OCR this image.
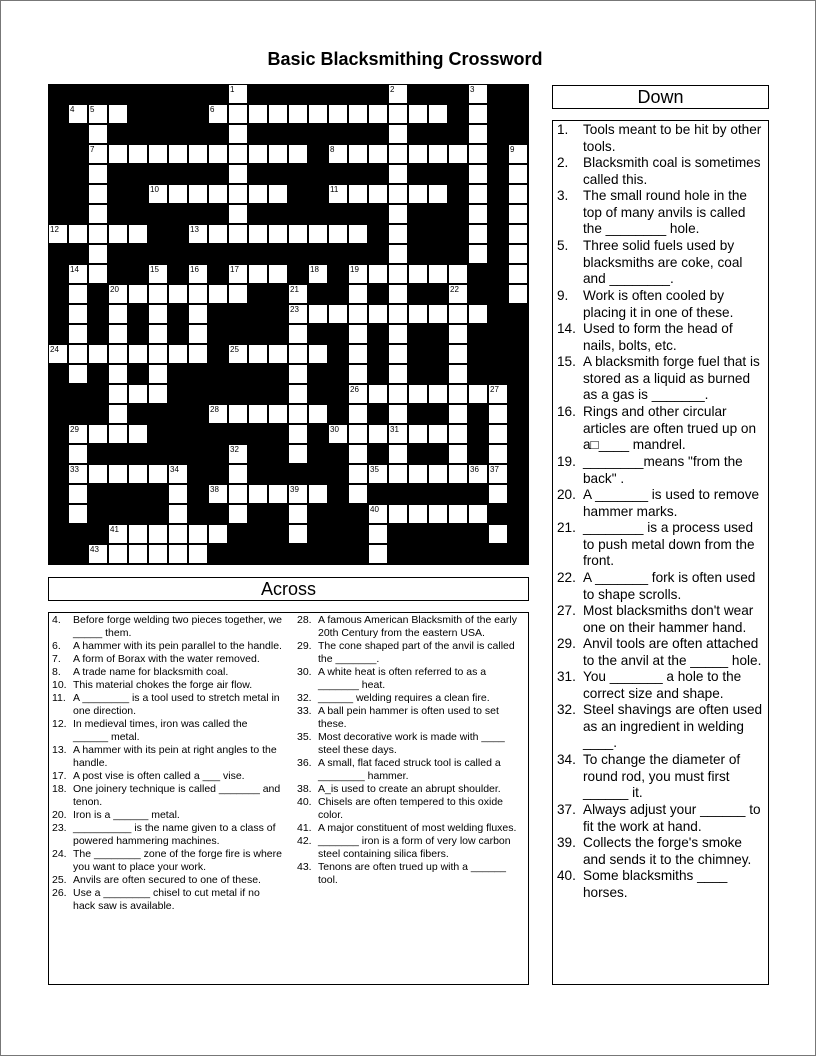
Basic Blacksmithing Crossword
1	2	3
4 5	6
7	8	9
10	11
12	13
14	15	16	17	18	19
20	21	22
23
24	25
26	27
28
29	30	31
32
33	34	35	36 37
38	39
40
41
43
Across
4. Before forge welding two pieces together, we _____ them.
6. A hammer with its pein parallel to the handle.
7. A form of Borax with the water removed.
8. A trade name for blacksmith coal.
10. This material chokes the forge air flow.
11. A ________ is a tool used to stretch metal in one direction.
12. In medieval times, iron was called the ______ metal.
13. A hammer with its pein at right angles to the handle.
17. A post vise is often called a ___ vise.
18. One joinery technique is called _______ and tenon.
20. Iron is a ______ metal.
23. __________ is the name given to a class of powered hammering machines.
24. The ________ zone of the forge fire is where you want to place your work.
25. Anvils are often secured to one of these.
26. Use a ________ chisel to cut metal if no hack saw is available.
28. A famous American Blacksmith of the early 20th Century from the eastern USA.
29. The cone shaped part of the anvil is called the _______.
30. A white heat is often referred to as a _______ heat.
32. ______ welding requires a clean fire.
33. A ball pein hammer is often used to set these.
35. Most decorative work is made with ____ steel these days.
36. A small, flat faced struck tool is called a ________ hammer.
38. A_is used to create an abrupt shoulder.
40. Chisels are often tempered to this oxide color.
41. A major constituent of most welding fluxes.
42. _______ iron is a form of very low carbon steel containing silica fibers.
43. Tenons are often trued up with a ______ tool.
Down
1. Tools meant to be hit by other tools.
2. Blacksmith coal is sometimes called this.
3. The small round hole in the top of many anvils is called the ________ hole.
5. Three solid fuels used by blacksmiths are coke, coal and ________.
9. Work is often cooled by placing it in one of these.
14. Used to form the head of nails, bolts, etc.
15. A blacksmith forge fuel that is stored as a liquid as burned as a gas is _______.
16. Rings and other circular articles are often trued up on a□____ mandrel.
19. ________means "from the back" .
20. A _______ is used to remove hammer marks.
21. ________ is a process used to push metal down from the front.
22. A _______ fork is often used to shape scrolls.
27. Most blacksmiths don't wear one on their hammer hand.
29. Anvil tools are often attached to the anvil at the _____ hole.
31. You _______ a hole to the correct size and shape.
32. Steel shavings are often used as an ingredient in welding ____.
34. To change the diameter of round rod, you must first ______ it.
37. Always adjust your ______ to fit the work at hand.
39. Collects the forge's smoke and sends it to the chimney.
40. Some blacksmiths ____ horses.
